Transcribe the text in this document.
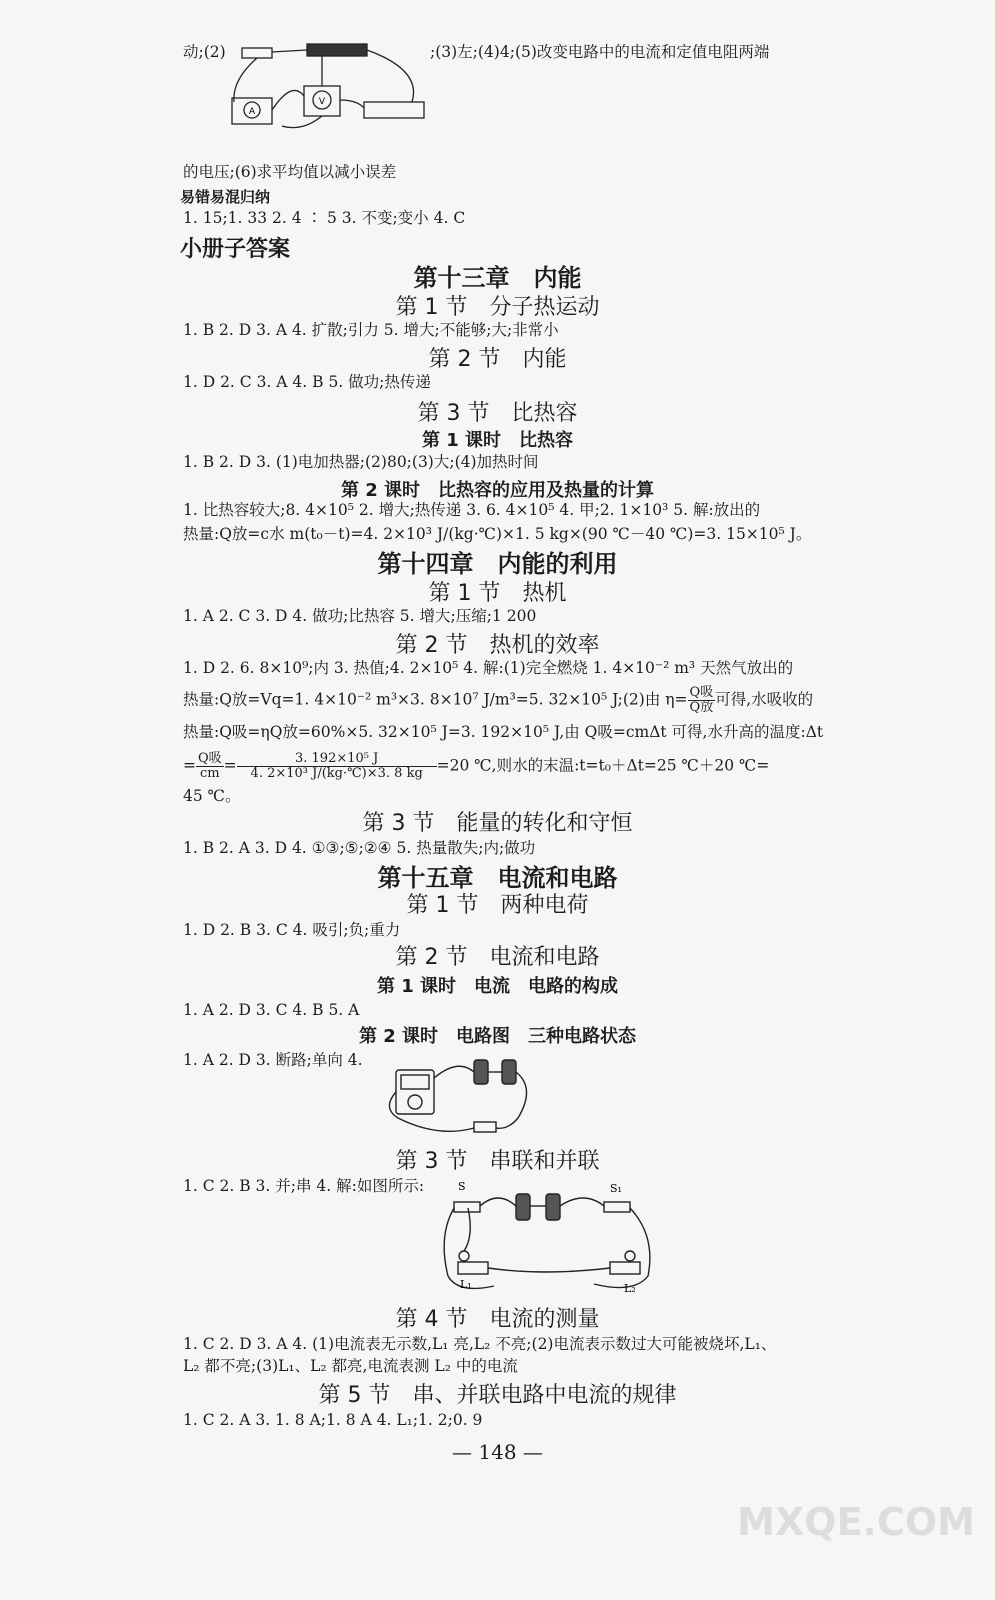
动;(2)
A
V
;(3)左;(4)4;(5)改变电路中的电流和定值电阻两端
的电压;(6)求平均值以减小误差
易错易混归纳
1. 15;1. 33 2. 4 ∶ 5 3. 不变;变小 4. C
小册子答案
第十三章　内能
第 1 节　分子热运动
1. B 2. D 3. A 4. 扩散;引力 5. 增大;不能够;大;非常小
第 2 节　内能
1. D 2. C 3. A 4. B 5. 做功;热传递
第 3 节　比热容
第 1 课时　比热容
1. B 2. D 3. (1)电加热器;(2)80;(3)大;(4)加热时间
第 2 课时　比热容的应用及热量的计算
1. 比热容较大;8. 4×10⁵ 2. 增大;热传递 3. 6. 4×10⁵ 4. 甲;2. 1×10³ 5. 解:放出的
热量:Q放=c水 m(t₀－t)=4. 2×10³ J/(kg·℃)×1. 5 kg×(90 ℃－40 ℃)=3. 15×10⁵ J。
第十四章　内能的利用
第 1 节　热机
1. A 2. C 3. D 4. 做功;比热容 5. 增大;压缩;1 200
第 2 节　热机的效率
1. D 2. 6. 8×10⁹;内 3. 热值;4. 2×10⁵ 4. 解:(1)完全燃烧 1. 4×10⁻² m³ 天然气放出的
热量:Q放=Vq=1. 4×10⁻² m³×3. 8×10⁷ J/m³=5. 32×10⁵ J;(2)由 $\eta= \frac{\text{Q吸}}{\text{Q放}}$ 可得,水吸收的
热量:Q吸=ηQ放=60%×5. 32×10⁵ J=3. 192×10⁵ J,由 Q吸=cmΔt 可得,水升高的温度:Δt
= $\frac{\text{Q吸}}{cm} = \frac{\text{3. 192×10⁵ J}}{\text{4. 2×10³ J/(kg·℃)×3. 8 kg}} =20$ ℃,则水的末温:t=t₀＋Δt=25 ℃＋20 ℃=
45 ℃。
第 3 节　能量的转化和守恒
1. B 2. A 3. D 4. ①③;⑤;②④ 5. 热量散失;内;做功
第十五章　电流和电路
第 1 节　两种电荷
1. D 2. B 3. C 4. 吸引;负;重力
第 2 节　电流和电路
第 1 课时　电流　电路的构成
1. A 2. D 3. C 4. B 5. A
第 2 课时　电路图　三种电路状态
1. A 2. D 3. 断路;单向 4.
第 3 节　串联和并联
1. C 2. B 3. 并;串 4. 解:如图所示:	S	S₁
L₁	L₂
第 4 节　电流的测量
1. C 2. D 3. A 4. (1)电流表无示数,L₁ 亮,L₂ 不亮;(2)电流表示数过大可能被烧坏,L₁、
L₂ 都不亮;(3)L₁、L₂ 都亮,电流表测 L₂ 中的电流
第 5 节　串、并联电路中电流的规律
1. C 2. A 3. 1. 8 A;1. 8 A 4. L₁;1. 2;0. 9
— 148 —
MXQE.COM
